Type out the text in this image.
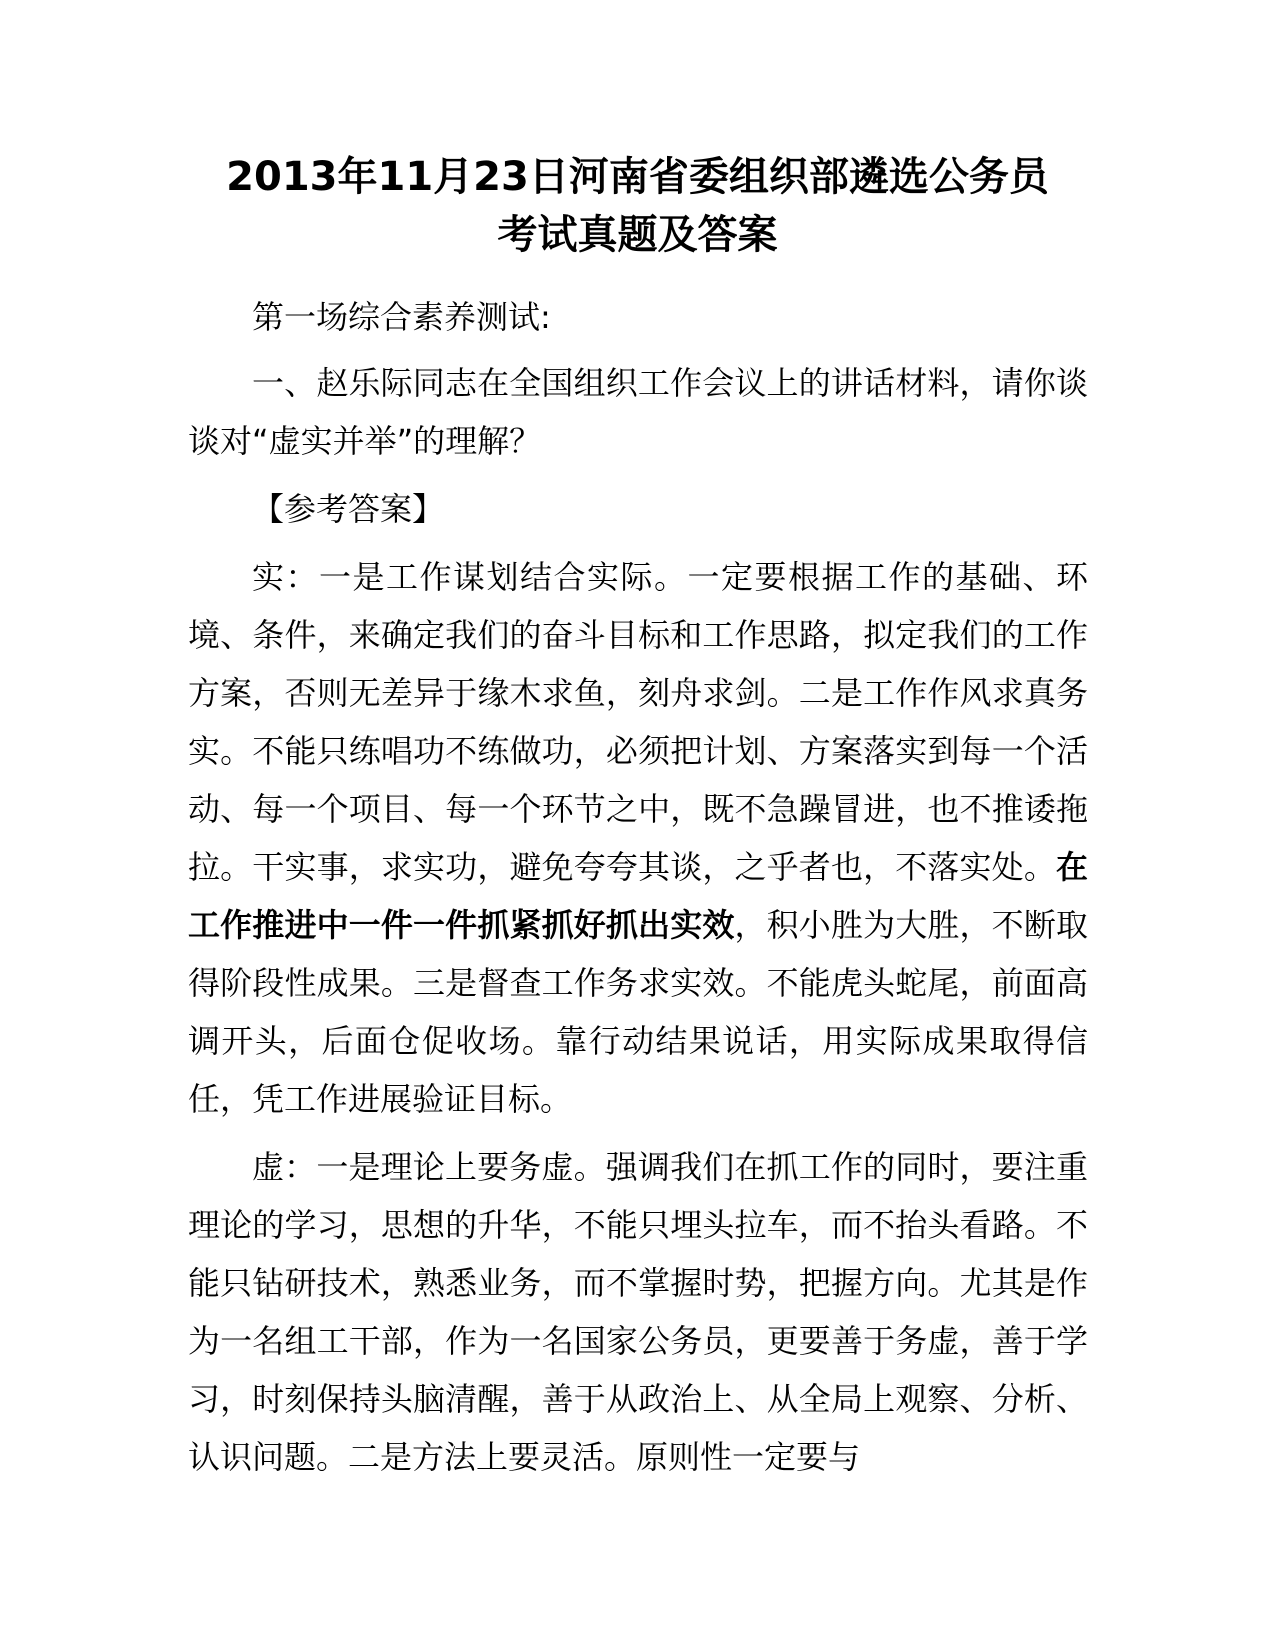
2013年11月23日河南省委组织部遴选公务员
考试真题及答案

第一场综合素养测试:

一、赵乐际同志在全国组织工作会议上的讲话材料，请你谈谈对“虚实并举”的理解？

【参考答案】

实：一是工作谋划结合实际。一定要根据工作的基础、环境、条件，来确定我们的奋斗目标和工作思路，拟定我们的工作方案，否则无差异于缘木求鱼，刻舟求剑。二是工作作风求真务实。不能只练唱功不练做功，必须把计划、方案落实到每一个活动、每一个项目、每一个环节之中，既不急躁冒进，也不推诿拖拉。干实事，求实功，避免夸夸其谈，之乎者也，不落实处。在工作推进中一件一件抓紧抓好抓出实效，积小胜为大胜，不断取得阶段性成果。三是督查工作务求实效。不能虎头蛇尾，前面高调开头，后面仓促收场。靠行动结果说话，用实际成果取得信任，凭工作进展验证目标。

虚：一是理论上要务虚。强调我们在抓工作的同时，要注重理论的学习，思想的升华，不能只埋头拉车，而不抬头看路。不能只钻研技术，熟悉业务，而不掌握时势，把握方向。尤其是作为一名组工干部，作为一名国家公务员，更要善于务虚，善于学习，时刻保持头脑清醒，善于从政治上、从全局上观察、分析、认识问题。二是方法上要灵活。原则性一定要与
